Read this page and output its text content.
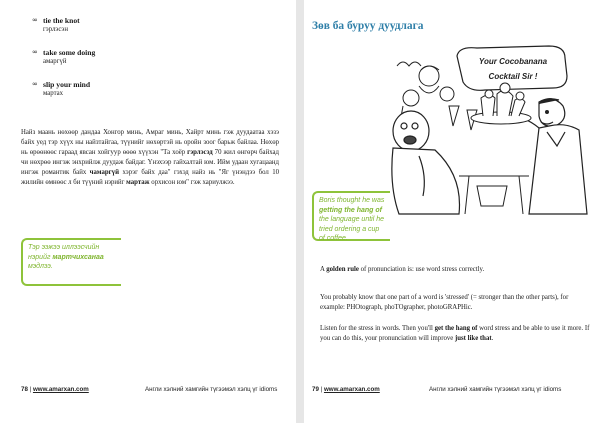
∞ tie the knot
гэрлэсэн
∞ take some doing
амаргүй
∞ slip your mind
мартах
Найз маань нөхөөр дандаа Хонгор минь, Амраг минь, Хайрт минь гэж дуудаатаа хэзэ байх уед тэр хүүх ны найзтайгаа, түүнийг нөхөртэй нь оройн зоог барьж байлаа. Нөхөр нь өрөөнөөс гараад явсан хойгуур өөөө хүүхэн "Та хоёр гэрлэсэд 70 жил өнгөрч байхад чи нөхрөө ингэж энхрийлж дуудаж байдаг. Үнэхээр гайхалтай юм. Ийм удаан хугацаанд ингэж романтик байх чамаргүй хэрэг байх даа" гэхэд найз нь "Яг үнэндээ бол 10 жилийн өмнөөс л би түүний нэрийг мартаж орхисон юм" гэж хариулжээ.
78 | www.amarxan.com	Англи хэлний хамгийн түгээмэл хэлц үг idioms
Тэр ээжээ иллээсчийн нэрийг мартчихсанаа мэдлээ.
79 | www.amarxan.com	Англи хэлний хамгийн түгээмэл хэлц үг idioms
Зөв ба буруу дуудлага
Your Cocobanana
Cocktail Sir !
Boris thought he was getting the hang of the language until he tried ordering a cup of coffee.
A golden rule of pronunciation is: use word stress correctly.
You probably know that one part of a word is 'stressed' (= stronger than the other parts), for example: PHOtograph, phoTOgrapher, photoGRAPHic.
Listen for the stress in words. Then you'll get the hang of word stress and be able to use it more. If you can do this, your pronunciation will improve just like that.
